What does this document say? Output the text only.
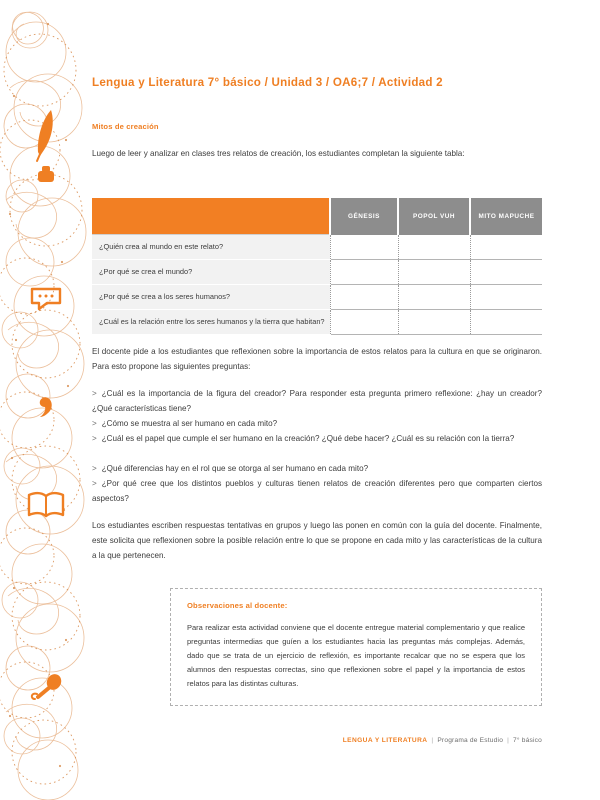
Lengua y Literatura 7° básico / Unidad 3 / OA6;7 / Actividad 2
Mitos de creación
Luego de leer y analizar en clases tres relatos de creación, los estudiantes completan la siguiente tabla:
	GÉNESIS	POPOL VUH	MITO MAPUCHE
¿Quién crea al mundo en este relato?			
¿Por qué se crea el mundo?			
¿Por qué se crea a los seres humanos?			
¿Cuál es la relación entre los seres humanos y la tierra que habitan?			
El docente pide a los estudiantes que reflexionen sobre la importancia de estos relatos para la cultura en que se originaron. Para esto propone las siguientes preguntas:
> ¿Cuál es la importancia de la figura del creador? Para responder esta pregunta primero reflexione: ¿hay un creador? ¿Qué características tiene?
> ¿Cómo se muestra al ser humano en cada mito?
> ¿Cuál es el papel que cumple el ser humano en la creación? ¿Qué debe hacer? ¿Cuál es su relación con la tierra?
> ¿Qué diferencias hay en el rol que se otorga al ser humano en cada mito?
> ¿Por qué cree que los distintos pueblos y culturas tienen relatos de creación diferentes pero que comparten ciertos aspectos?
Los estudiantes escriben respuestas tentativas en grupos y luego las ponen en común con la guía del docente. Finalmente, este solicita que reflexionen sobre la posible relación entre lo que se propone en cada mito y las características de la cultura a la que pertenecen.
Observaciones al docente:
Para realizar esta actividad conviene que el docente entregue material complementario y que realice preguntas intermedias que guíen a los estudiantes hacia las preguntas más complejas. Además, dado que se trata de un ejercicio de reflexión, es importante recalcar que no se espera que los alumnos den respuestas correctas, sino que reflexionen sobre el papel y la importancia de estos relatos para las distintas culturas.
LENGUA Y LITERATURA | Programa de Estudio | 7° básico
